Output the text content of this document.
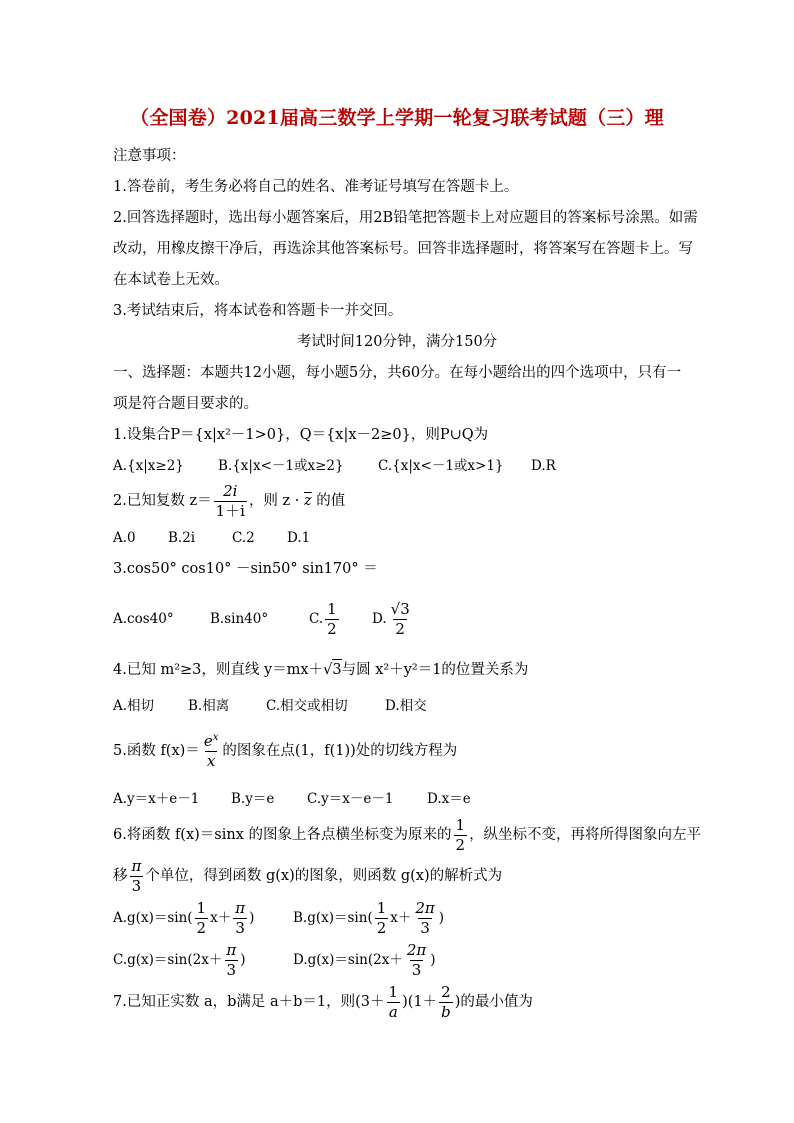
（全国卷）2021届高三数学上学期一轮复习联考试题（三）理
注意事项：
1.答卷前，考生务必将自己的姓名、准考证号填写在答题卡上。
2.回答选择题时，选出每小题答案后，用2B铅笔把答题卡上对应题目的答案标号涂黑。如需
改动，用橡皮擦干净后，再选涂其他答案标号。回答非选择题时，将答案写在答题卡上。写
在本试卷上无效。
3.考试结束后，将本试卷和答题卡一并交回。
考试时间120分钟，满分150分
一、选择题：本题共12小题，每小题5分，共60分。在每小题给出的四个选项中，只有一
项是符合题目要求的。
1.设集合P＝{x|x²－1>0}，Q＝{x|x－2≥0}，则P∪Q为
A.{x|x≥2}	B.{x|x<－1或x≥2}	C.{x|x<－1或x>1} D.R
2.已知复数 $z= \frac{2i}{1+i}$ ，则 $z \cdot \overline{z}$ 的值
A.0 B.2i	C.2 D.1
3.cos50° cos10° －sin50° sin170° ＝
A.cos40°	B.sin40°	C. $\frac{1}{2} D$. $\frac{√3}{2}$
4.已知 m²≥3，则直线 y＝mx＋√3与圆 x²＋y²＝1的位置关系为
A.相切	B.相离	C.相交或相切	D.相交
5.函数 $f(x)= \frac{e^x}{x}$ 的图象在点(1，f(1))处的切线方程为
A.y＝x＋e－1 B.y＝e C.y＝x－e－1 D.x＝e
6.将函数 f(x)＝sinx 的图象上各点横坐标变为原来的 $\frac{1}{2}$ ，纵坐标不变，再将所得图象向左平
移 $\frac{\pi}{3}$ 个单位，得到函数 g(x)的图象，则函数 g(x)的解析式为
$A.g(x)=\sin( \frac{1}{2} x+ \frac{\pi}{3}$ )	$B.g(x)=\sin( \frac{1}{2} x+ \frac{2\pi}{3}$ )
$C.g(x)=\sin(2x+ \frac{\pi}{3}$ )	$D.g(x)=\sin(2x+ \frac{2\pi}{3}$ )
7.已知正实数 a，b满足 a＋b＝1，则$(3+ \frac{1}{a} )(1+ \frac{2}{b}$ )的最小值为
